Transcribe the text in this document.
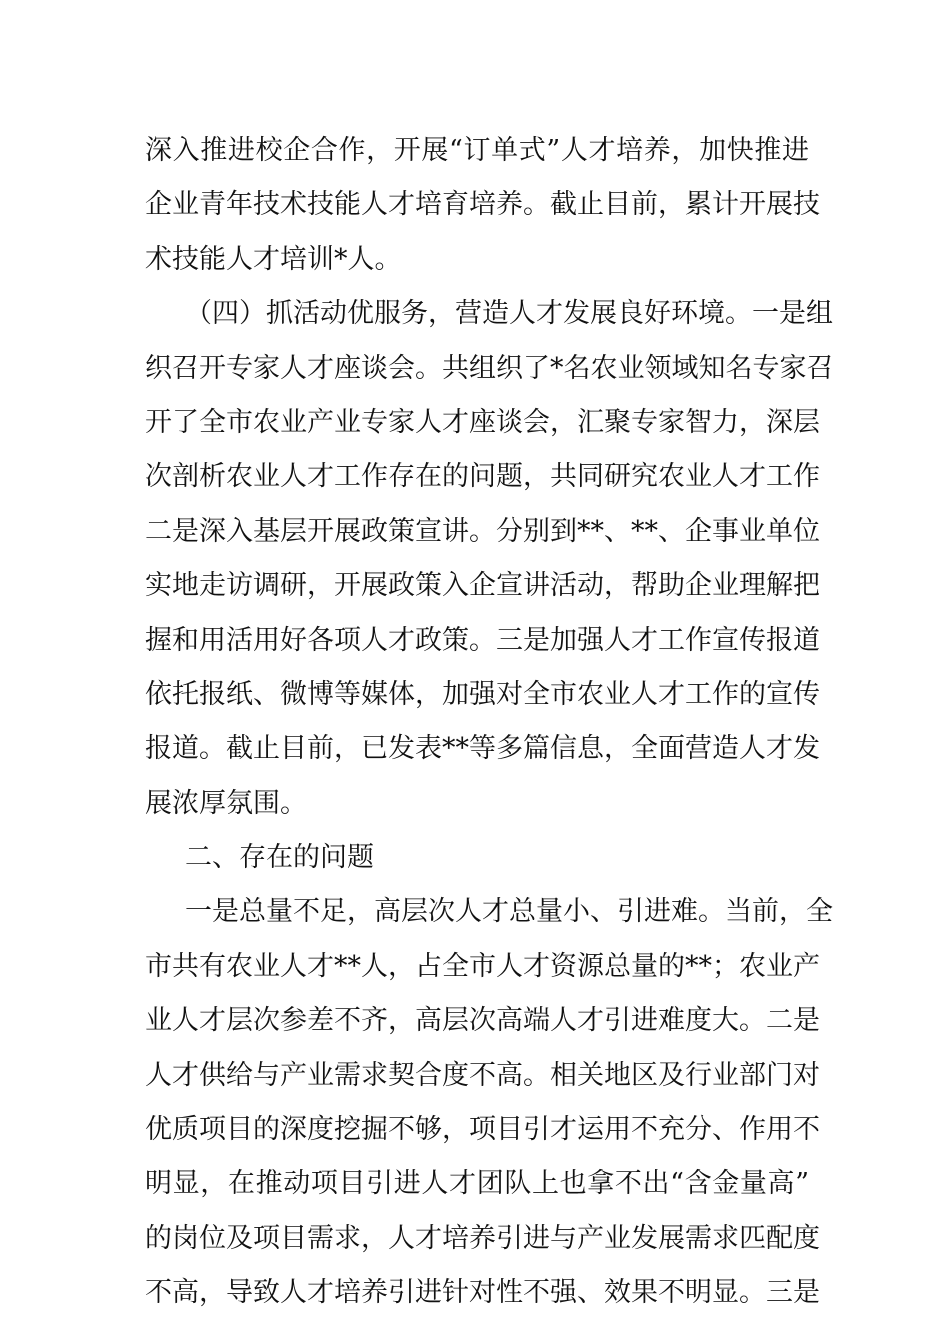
深入推进校企合作，开展“订单式”人才培养，加快推进
企业青年技术技能人才培育培养。截止目前，累计开展技
术技能人才培训*人。
（四）抓活动优服务，营造人才发展良好环境。一是组
织召开专家人才座谈会。共组织了*名农业领域知名专家召
开了全市农业产业专家人才座谈会，汇聚专家智力，深层
次剖析农业人才工作存在的问题，共同研究农业人才工作
二是深入基层开展政策宣讲。分别到**、**、企事业单位
实地走访调研，开展政策入企宣讲活动，帮助企业理解把
握和用活用好各项人才政策。三是加强人才工作宣传报道
依托报纸、微博等媒体，加强对全市农业人才工作的宣传
报道。截止目前，已发表**等多篇信息，全面营造人才发
展浓厚氛围。
二、存在的问题
一是总量不足，高层次人才总量小、引进难。当前，全
市共有农业人才**人，占全市人才资源总量的**；农业产
业人才层次参差不齐，高层次高端人才引进难度大。二是
人才供给与产业需求契合度不高。相关地区及行业部门对
优质项目的深度挖掘不够，项目引才运用不充分、作用不
明显，在推动项目引进人才团队上也拿不出“含金量高”
的岗位及项目需求，人才培养引进与产业发展需求匹配度
不高，导致人才培养引进针对性不强、效果不明显。三是
